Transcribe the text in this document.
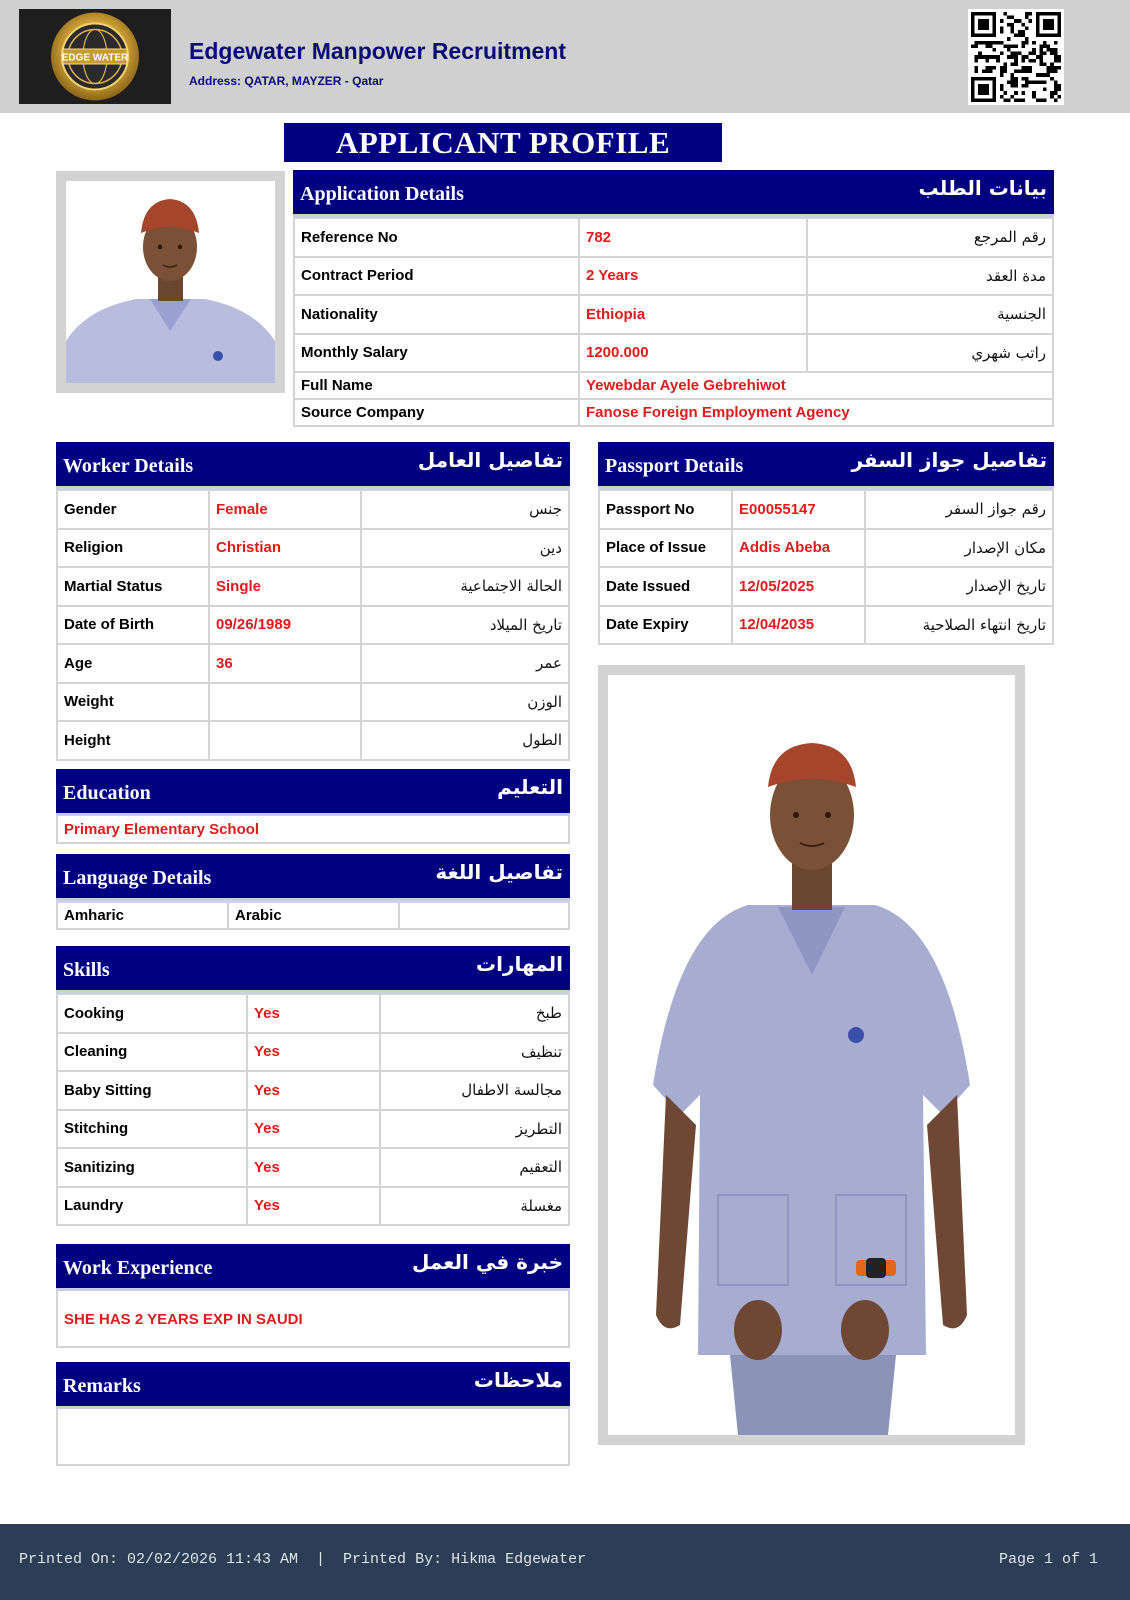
EDGE WATER	Edgewater Manpower Recruitment
Address: QATAR, MAYZER - Qatar
APPLICANT PROFILE
Application Details	بيانات الطلب
Reference No	782	رقم المرجع
Contract Period	2 Years	مدة العقد
Nationality	Ethiopia	الجنسية
Monthly Salary	1200.000	راتب شهري
Full Name	Yewebdar Ayele Gebrehiwot	
Source Company	Fanose Foreign Employment Agency	
Worker Details	تفاصيل العامل
Gender	Female	جنس
Religion	Christian	دين
Martial Status	Single	الحالة الاجتماعية
Date of Birth	09/26/1989	تاريخ الميلاد
Age	36	عمر
Weight		الوزن
Height		الطول
Passport Details	تفاصيل جواز السفر
Passport No	E00055147	رقم جواز السفر
Place of Issue	Addis Abeba	مكان الإصدار
Date Issued	12/05/2025	تاريخ الإصدار
Date Expiry	12/04/2035	تاريخ انتهاء الصلاحية
Education	التعليم
Primary Elementary School
Language Details	تفاصيل اللغة
Amharic	Arabic	
Skills	المهارات
Cooking	Yes	طبخ
Cleaning	Yes	تنظيف
Baby Sitting	Yes	مجالسة الاطفال
Stitching	Yes	التطريز
Sanitizing	Yes	التعقيم
Laundry	Yes	مغسلة
Work Experience	خبرة في العمل
SHE HAS 2 YEARS EXP IN SAUDI
Remarks	ملاحظات
Printed On: 02/02/2026 11:43 AM  |  Printed By: Hikma Edgewater	Page 1 of 1
